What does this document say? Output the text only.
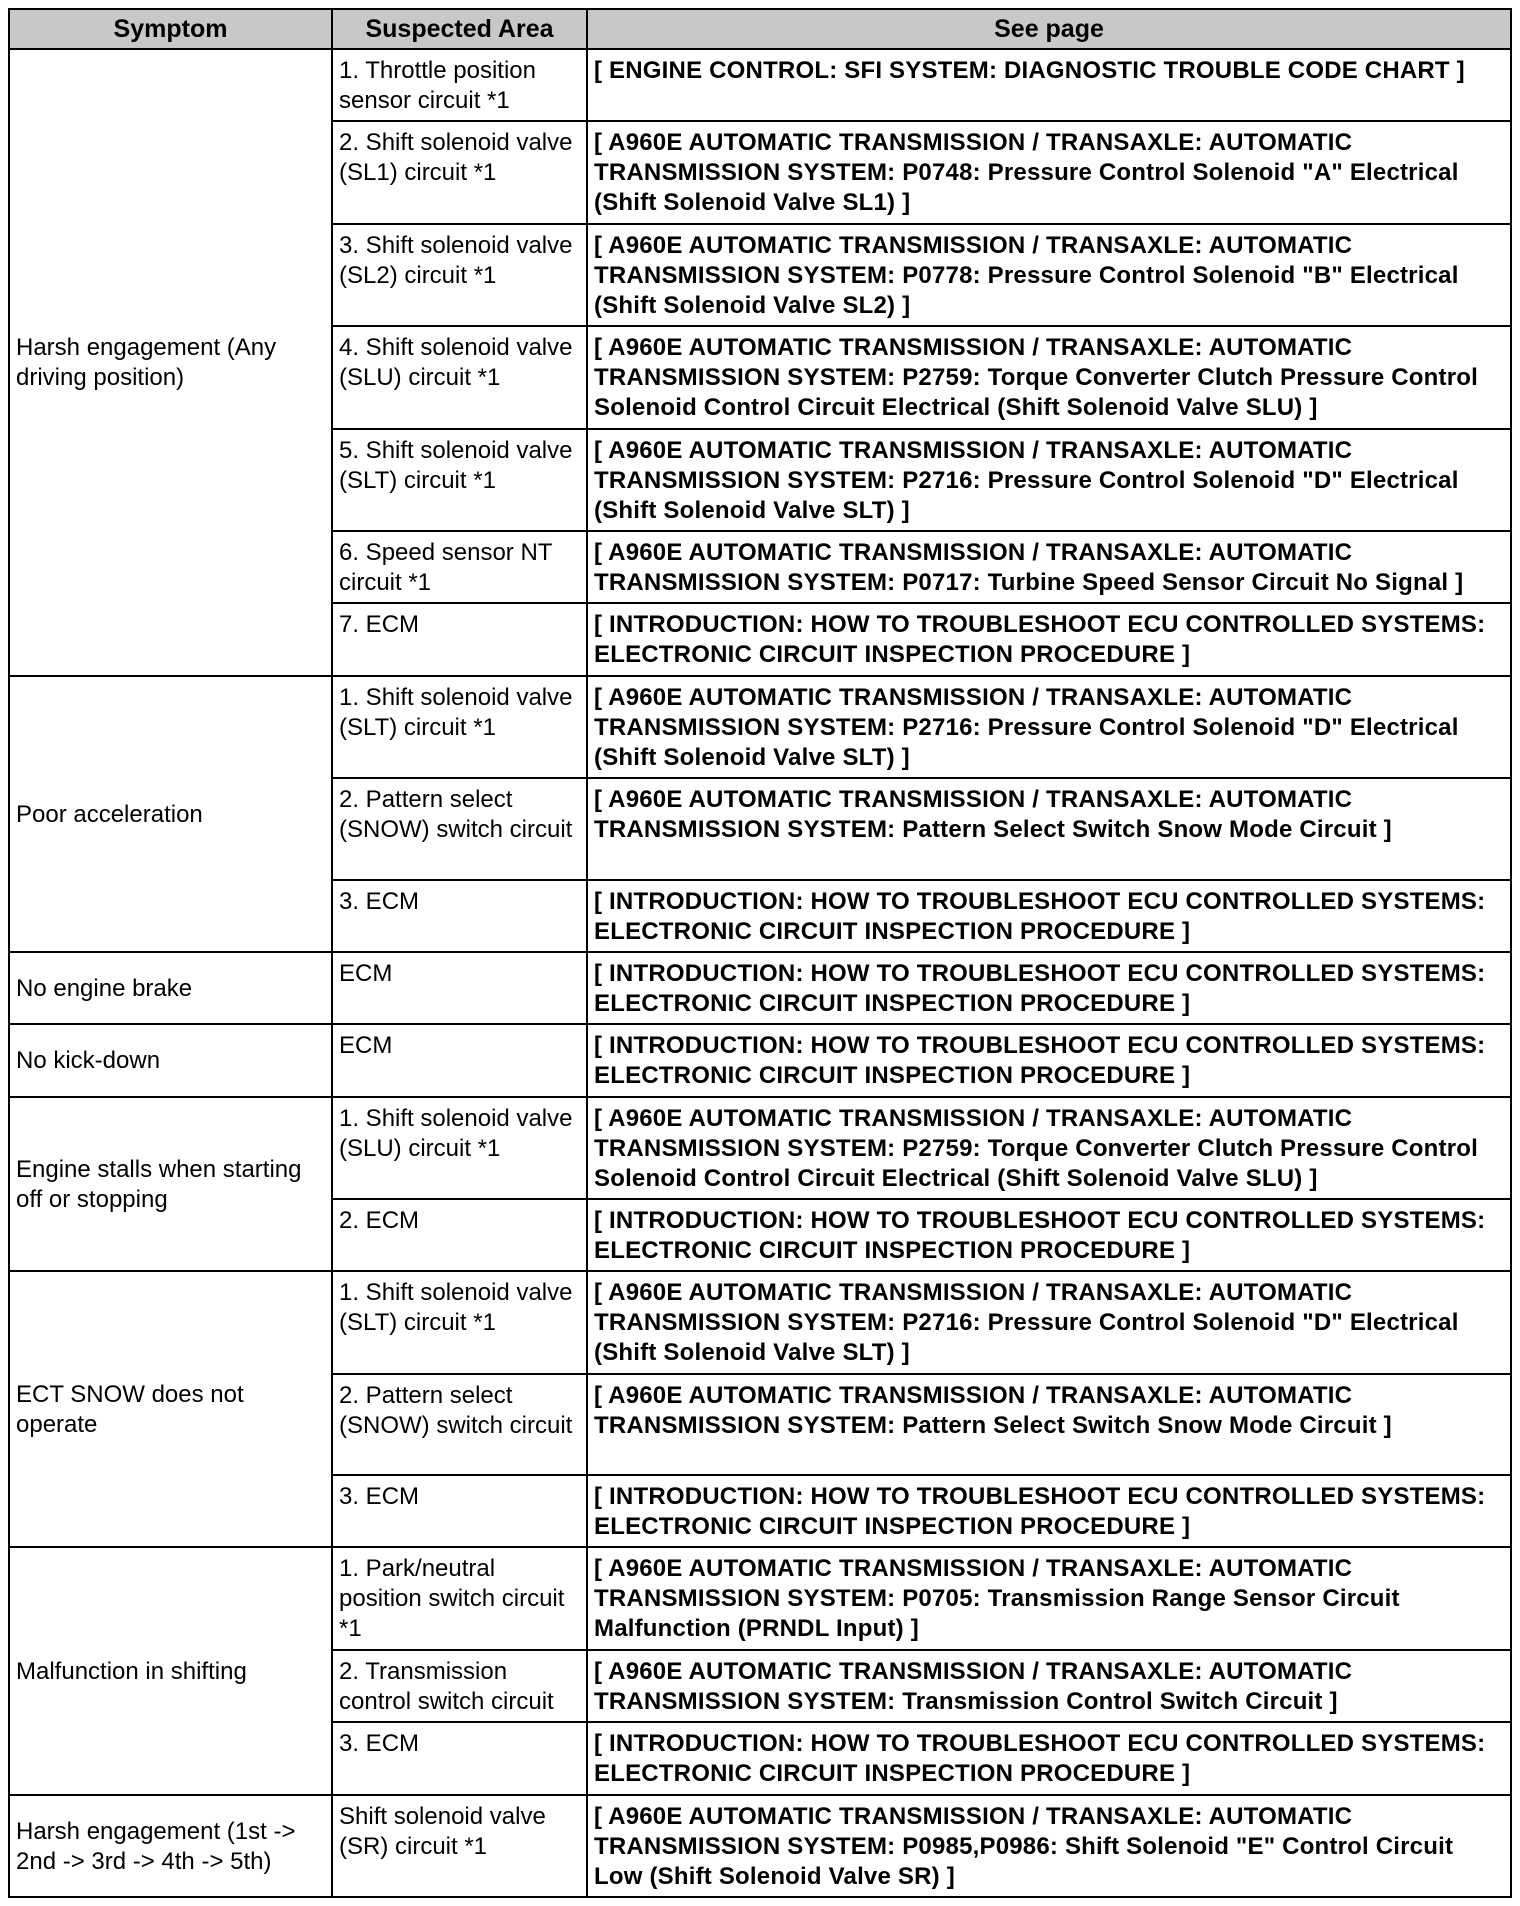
Symptom	Suspected Area	See page
Harsh engagement (Any driving position)	1. Throttle position sensor circuit *1	[ ENGINE CONTROL: SFI SYSTEM: DIAGNOSTIC TROUBLE CODE CHART ]
	2. Shift solenoid valve (SL1) circuit *1	[ A960E AUTOMATIC TRANSMISSION / TRANSAXLE: AUTOMATIC TRANSMISSION SYSTEM: P0748: Pressure Control Solenoid "A" Electrical (Shift Solenoid Valve SL1) ]
	3. Shift solenoid valve (SL2) circuit *1	[ A960E AUTOMATIC TRANSMISSION / TRANSAXLE: AUTOMATIC TRANSMISSION SYSTEM: P0778: Pressure Control Solenoid "B" Electrical (Shift Solenoid Valve SL2) ]
	4. Shift solenoid valve (SLU) circuit *1	[ A960E AUTOMATIC TRANSMISSION / TRANSAXLE: AUTOMATIC TRANSMISSION SYSTEM: P2759: Torque Converter Clutch Pressure Control Solenoid Control Circuit Electrical (Shift Solenoid Valve SLU) ]
	5. Shift solenoid valve (SLT) circuit *1	[ A960E AUTOMATIC TRANSMISSION / TRANSAXLE: AUTOMATIC TRANSMISSION SYSTEM: P2716: Pressure Control Solenoid "D" Electrical (Shift Solenoid Valve SLT) ]
	6. Speed sensor NT circuit *1	[ A960E AUTOMATIC TRANSMISSION / TRANSAXLE: AUTOMATIC TRANSMISSION SYSTEM: P0717: Turbine Speed Sensor Circuit No Signal ]
	7. ECM	[ INTRODUCTION: HOW TO TROUBLESHOOT ECU CONTROLLED SYSTEMS: ELECTRONIC CIRCUIT INSPECTION PROCEDURE ]
Poor acceleration	1. Shift solenoid valve (SLT) circuit *1	[ A960E AUTOMATIC TRANSMISSION / TRANSAXLE: AUTOMATIC TRANSMISSION SYSTEM: P2716: Pressure Control Solenoid "D" Electrical (Shift Solenoid Valve SLT) ]
	2. Pattern select (SNOW) switch circuit	[ A960E AUTOMATIC TRANSMISSION / TRANSAXLE: AUTOMATIC TRANSMISSION SYSTEM: Pattern Select Switch Snow Mode Circuit ]
	3. ECM	[ INTRODUCTION: HOW TO TROUBLESHOOT ECU CONTROLLED SYSTEMS: ELECTRONIC CIRCUIT INSPECTION PROCEDURE ]
No engine brake	ECM	[ INTRODUCTION: HOW TO TROUBLESHOOT ECU CONTROLLED SYSTEMS: ELECTRONIC CIRCUIT INSPECTION PROCEDURE ]
No kick-down	ECM	[ INTRODUCTION: HOW TO TROUBLESHOOT ECU CONTROLLED SYSTEMS: ELECTRONIC CIRCUIT INSPECTION PROCEDURE ]
Engine stalls when starting off or stopping	1. Shift solenoid valve (SLU) circuit *1	[ A960E AUTOMATIC TRANSMISSION / TRANSAXLE: AUTOMATIC TRANSMISSION SYSTEM: P2759: Torque Converter Clutch Pressure Control Solenoid Control Circuit Electrical (Shift Solenoid Valve SLU) ]
	2. ECM	[ INTRODUCTION: HOW TO TROUBLESHOOT ECU CONTROLLED SYSTEMS: ELECTRONIC CIRCUIT INSPECTION PROCEDURE ]
ECT SNOW does not operate	1. Shift solenoid valve (SLT) circuit *1	[ A960E AUTOMATIC TRANSMISSION / TRANSAXLE: AUTOMATIC TRANSMISSION SYSTEM: P2716: Pressure Control Solenoid "D" Electrical (Shift Solenoid Valve SLT) ]
	2. Pattern select (SNOW) switch circuit	[ A960E AUTOMATIC TRANSMISSION / TRANSAXLE: AUTOMATIC TRANSMISSION SYSTEM: Pattern Select Switch Snow Mode Circuit ]
	3. ECM	[ INTRODUCTION: HOW TO TROUBLESHOOT ECU CONTROLLED SYSTEMS: ELECTRONIC CIRCUIT INSPECTION PROCEDURE ]
Malfunction in shifting	1. Park/neutral position switch circuit *1	[ A960E AUTOMATIC TRANSMISSION / TRANSAXLE: AUTOMATIC TRANSMISSION SYSTEM: P0705: Transmission Range Sensor Circuit Malfunction (PRNDL Input) ]
	2. Transmission control switch circuit	[ A960E AUTOMATIC TRANSMISSION / TRANSAXLE: AUTOMATIC TRANSMISSION SYSTEM: Transmission Control Switch Circuit ]
	3. ECM	[ INTRODUCTION: HOW TO TROUBLESHOOT ECU CONTROLLED SYSTEMS: ELECTRONIC CIRCUIT INSPECTION PROCEDURE ]
Harsh engagement (1st -> 2nd -> 3rd -> 4th -> 5th)	Shift solenoid valve (SR) circuit *1	[ A960E AUTOMATIC TRANSMISSION / TRANSAXLE: AUTOMATIC TRANSMISSION SYSTEM: P0985,P0986: Shift Solenoid "E" Control Circuit Low (Shift Solenoid Valve SR) ]
